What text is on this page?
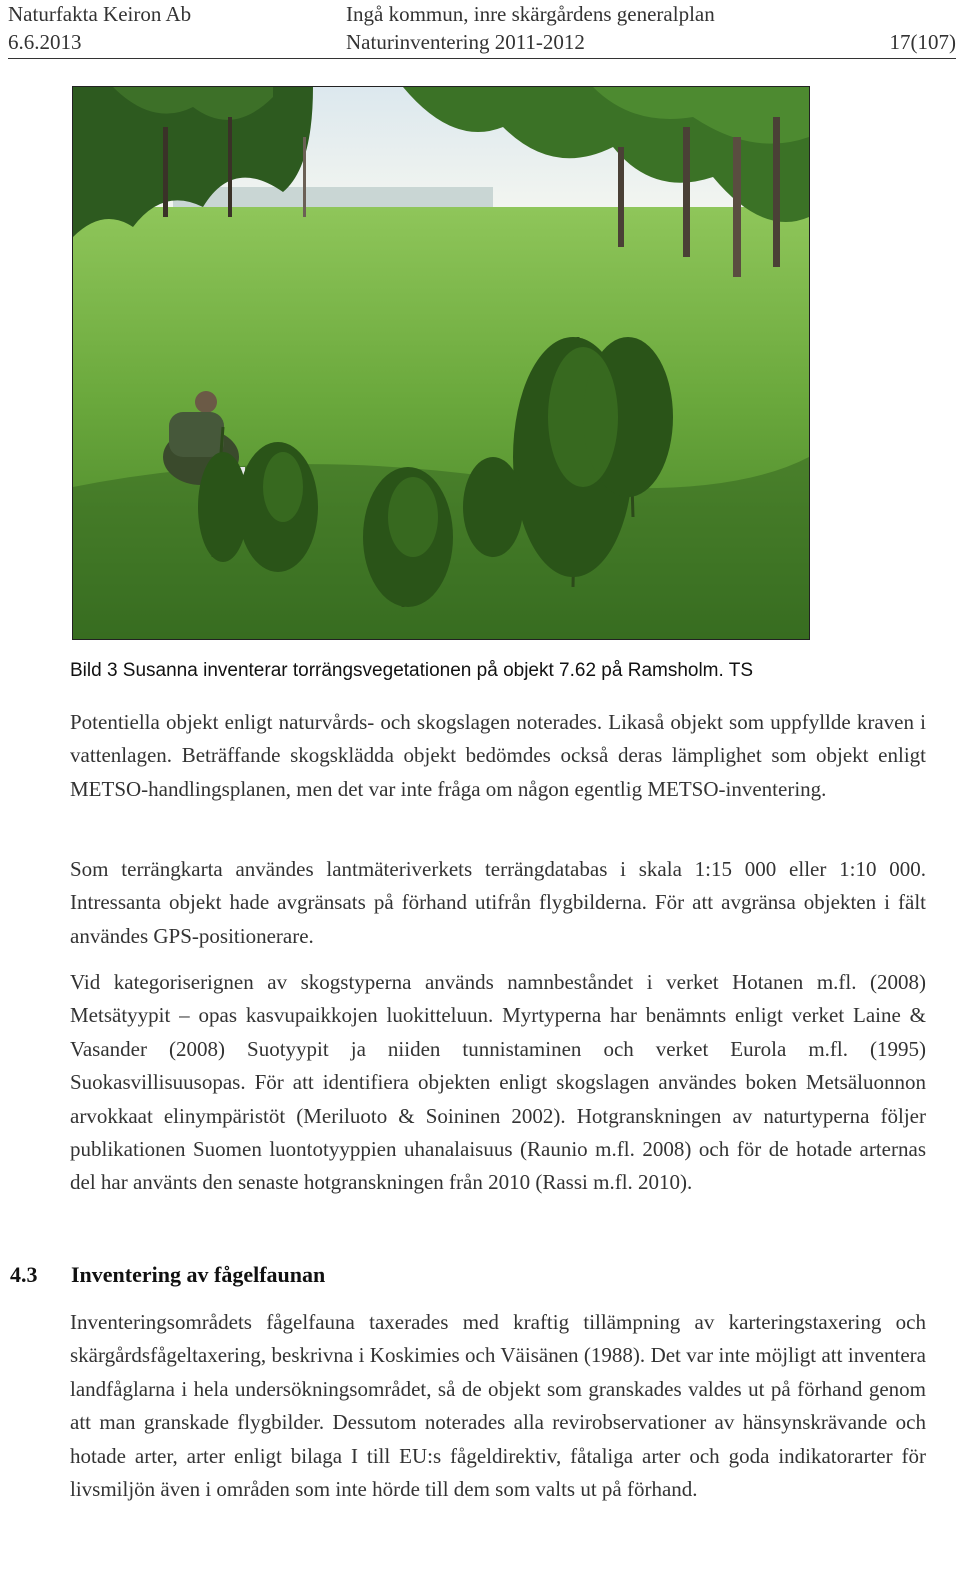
Naturfakta Keiron Ab
6.6.2013
Ingå kommun, inre skärgårdens generalplan
Naturinventering 2011-2012	17(107)
Bild 3 Susanna inventerar torrängsvegetationen på objekt 7.62 på Ramsholm. TS

Potentiella objekt enligt naturvårds- och skogslagen noterades. Likaså objekt som uppfyllde kraven i vattenlagen. Beträffande skogsklädda objekt bedömdes också deras lämplighet som objekt enligt METSO-handlingsplanen, men det var inte fråga om någon egentlig METSO-inventering.

Som terrängkarta användes lantmäteriverkets terrängdatabas i skala 1:15 000 eller 1:10 000. Intressanta objekt hade avgränsats på förhand utifrån flygbilderna. För att avgränsa objekten i fält användes GPS-positionerare.

Vid kategoriserignen av skogstyperna används namnbeståndet i verket Hotanen m.fl. (2008) Metsätyypit – opas kasvupaikkojen luokitteluun. Myrtyperna har benämnts enligt verket Laine & Vasander (2008) Suotyypit ja niiden tunnistaminen och verket Eurola m.fl. (1995) Suokasvillisuusopas. För att identifiera objekten enligt skogslagen användes boken Metsäluonnon arvokkaat elinympäristöt (Meriluoto & Soininen 2002). Hotgranskningen av naturtyperna följer publikationen Suomen luontotyyppien uhanalaisuus (Raunio m.fl. 2008) och för de hotade arternas del har använts den senaste hotgranskningen från 2010 (Rassi m.fl. 2010).

4.3 Inventering av fågelfaunan

Inventeringsområdets fågelfauna taxerades med kraftig tillämpning av karteringstaxering och skärgårdsfågeltaxering, beskrivna i Koskimies och Väisänen (1988). Det var inte möjligt att inventera landfåglarna i hela undersökningsområdet, så de objekt som granskades valdes ut på förhand genom att man granskade flygbilder. Dessutom noterades alla revirobservationer av hänsynskrävande och hotade arter, arter enligt bilaga I till EU:s fågeldirektiv, fåtaliga arter och goda indikatorarter för livsmiljön även i områden som inte hörde till dem som valts ut på förhand.
